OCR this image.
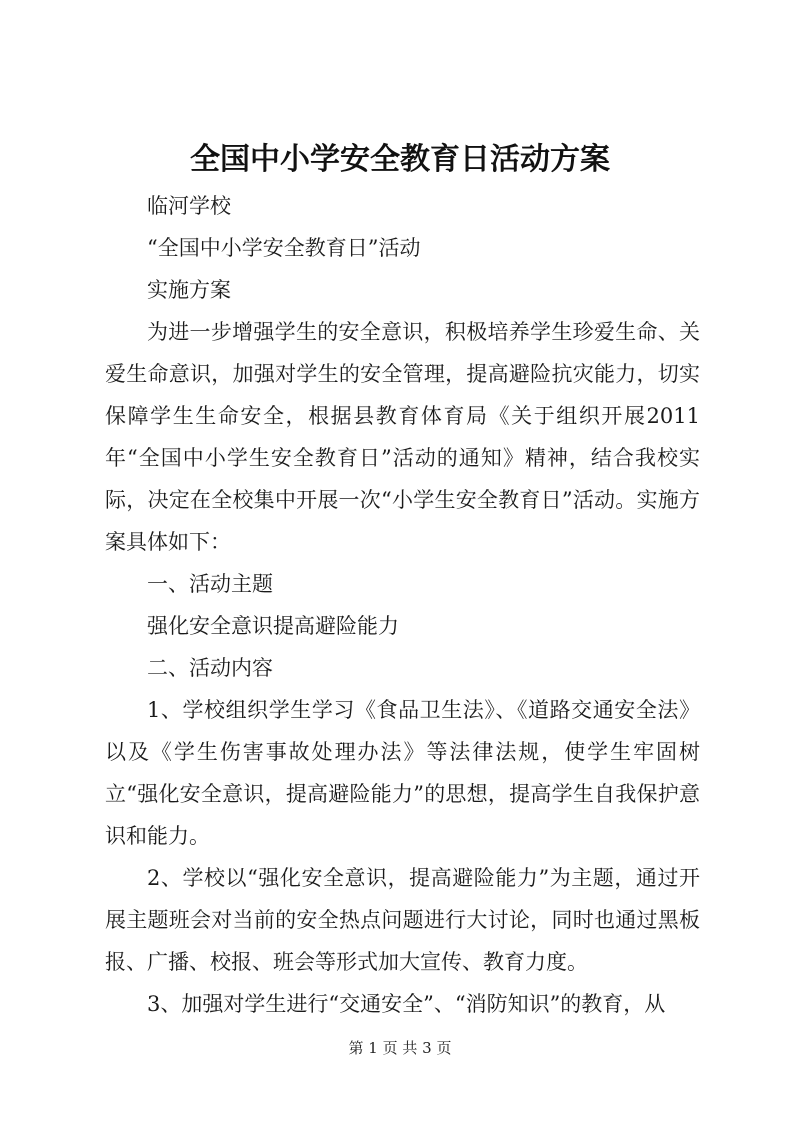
全国中小学安全教育日活动方案

临河学校

“全国中小学安全教育日”活动

实施方案

为进一步增强学生的安全意识，积极培养学生珍爱生命、关爱生命意识，加强对学生的安全管理，提高避险抗灾能力，切实保障学生生命安全，根据县教育体育局《关于组织开展2011年“全国中小学生安全教育日”活动的通知》精神，结合我校实际，决定在全校集中开展一次“小学生安全教育日”活动。实施方案具体如下：

一、活动主题

强化安全意识提高避险能力

二、活动内容

1、学校组织学生学习《食品卫生法》、《道路交通安全法》以及《学生伤害事故处理办法》等法律法规，使学生牢固树立“强化安全意识，提高避险能力”的思想，提高学生自我保护意识和能力。

2、学校以“强化安全意识，提高避险能力”为主题，通过开展主题班会对当前的安全热点问题进行大讨论，同时也通过黑板报、广播、校报、班会等形式加大宣传、教育力度。

3、加强对学生进行“交通安全”、“消防知识”的教育，从

第 1 页 共 3 页
